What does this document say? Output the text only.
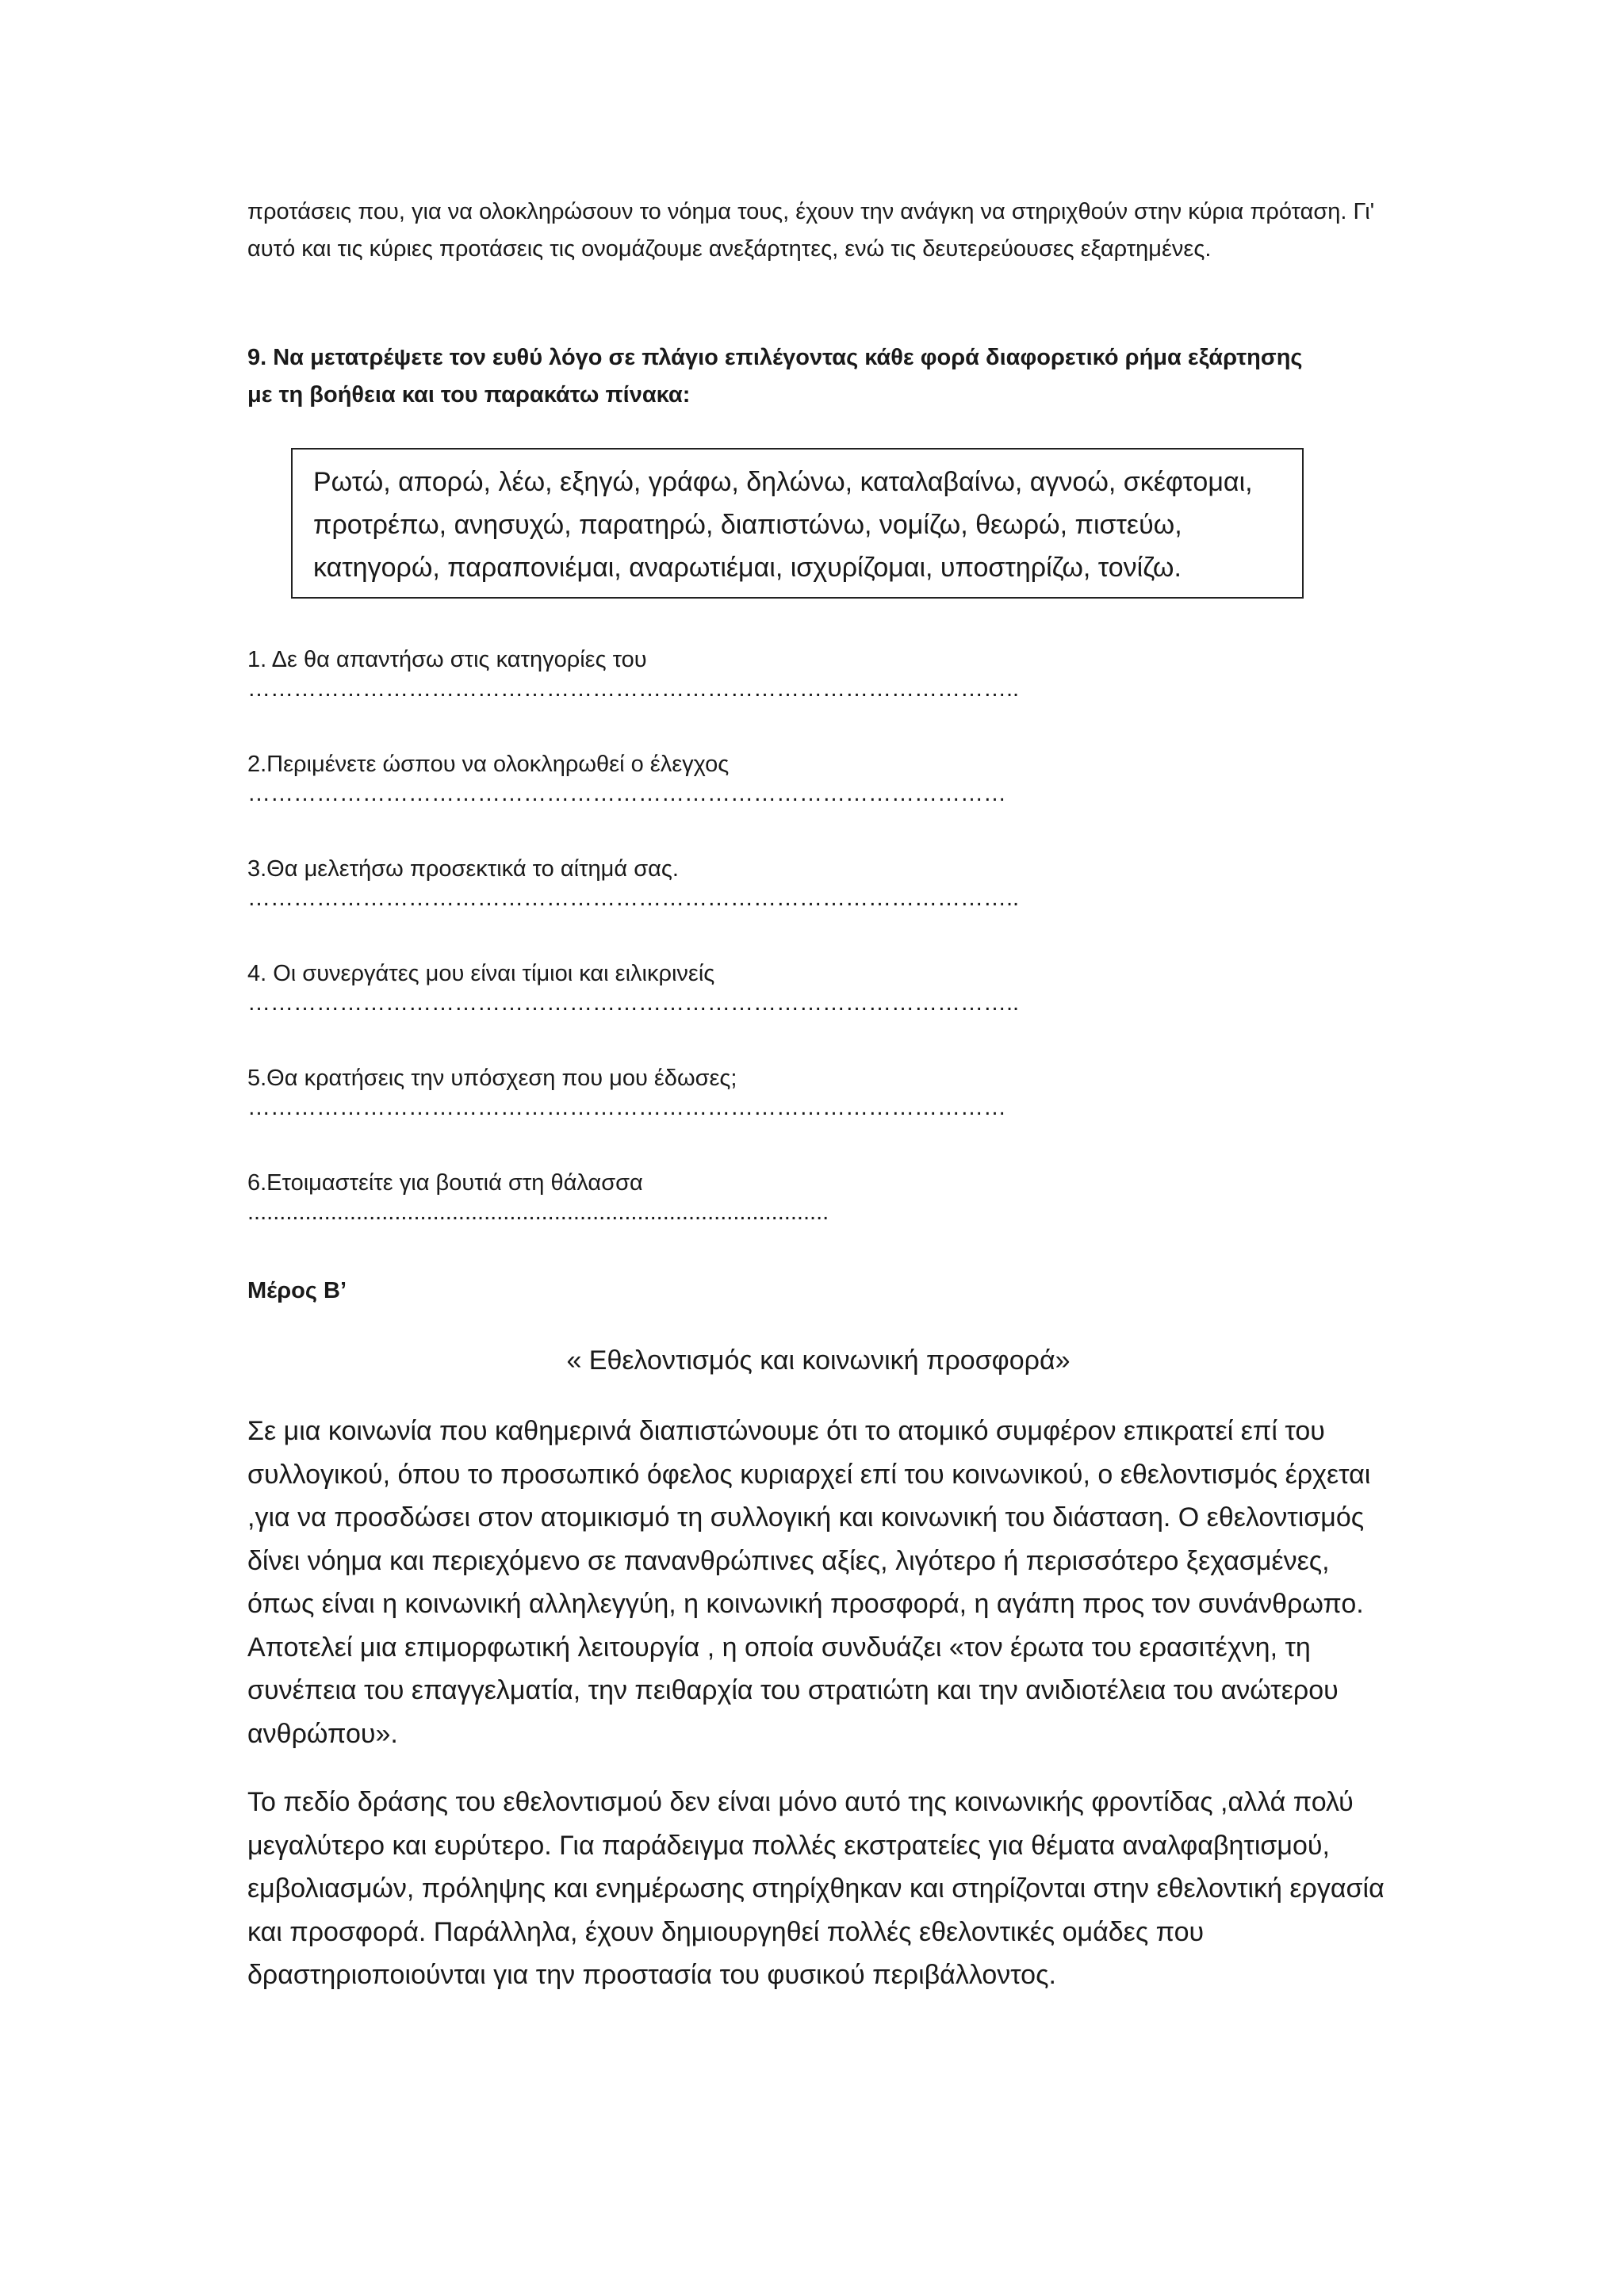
προτάσεις που, για να ολοκληρώσουν το νόημα τους, έχουν την ανάγκη να στηριχθούν στην κύρια πρόταση. Γι' αυτό και τις κύριες προτάσεις τις ονομάζουμε ανεξάρτητες, ενώ τις δευτερεύουσες εξαρτημένες.

9. Να μετατρέψετε τον ευθύ λόγο σε πλάγιο επιλέγοντας κάθε φορά διαφορετικό ρήμα εξάρτησης
με τη βοήθεια και του παρακάτω πίνακα:

Ρωτώ, απορώ, λέω, εξηγώ, γράφω, δηλώνω, καταλαβαίνω, αγνοώ, σκέφτομαι,
προτρέπω, ανησυχώ, παρατηρώ, διαπιστώνω, νομίζω, θεωρώ, πιστεύω,
κατηγορώ, παραπονιέμαι, αναρωτιέμαι, ισχυρίζομαι, υποστηρίζω, τονίζω.

1. Δε θα απαντήσω στις κατηγορίες του

………………………………………………………………………………………..

2.Περιμένετε ώσπου να ολοκληρωθεί ο έλεγχος

………………………………………………………………………………………

3.Θα μελετήσω προσεκτικά το αίτημά σας.

………………………………………………………………………………………..

4. Οι συνεργάτες μου είναι τίμιοι και ειλικρινείς

………………………………………………………………………………………..

5.Θα κρατήσεις την υπόσχεση που μου έδωσες;

………………………………………………………………………………………

6.Ετοιμαστείτε για βουτιά στη θάλασσα

...........................................................................................

Μέρος Β’
« Εθελοντισμός και κοινωνική προσφορά»

Σε μια κοινωνία που καθημερινά διαπιστώνουμε ότι το ατομικό συμφέρον επικρατεί επί του συλλογικού, όπου το προσωπικό όφελος κυριαρχεί επί του κοινωνικού, ο εθελοντισμός έρχεται ,για να προσδώσει στον ατομικισμό τη συλλογική και κοινωνική του διάσταση. Ο εθελοντισμός δίνει νόημα και περιεχόμενο σε πανανθρώπινες αξίες, λιγότερο ή περισσότερο ξεχασμένες, όπως είναι η κοινωνική αλληλεγγύη, η κοινωνική προσφορά, η αγάπη προς τον συνάνθρωπο. Αποτελεί μια επιμορφωτική λειτουργία , η οποία συνδυάζει «τον έρωτα του ερασιτέχνη, τη συνέπεια του επαγγελματία, την πειθαρχία του στρατιώτη και την ανιδιοτέλεια του ανώτερου ανθρώπου».

Το πεδίο δράσης του εθελοντισμού δεν είναι μόνο αυτό της κοινωνικής φροντίδας ,αλλά πολύ μεγαλύτερο και ευρύτερο. Για παράδειγμα πολλές εκστρατείες για θέματα αναλφαβητισμού, εμβολιασμών, πρόληψης και ενημέρωσης στηρίχθηκαν και στηρίζονται στην εθελοντική εργασία και προσφορά. Παράλληλα, έχουν δημιουργηθεί πολλές εθελοντικές ομάδες που δραστηριοποιούνται για την προστασία του φυσικού περιβάλλοντος.
